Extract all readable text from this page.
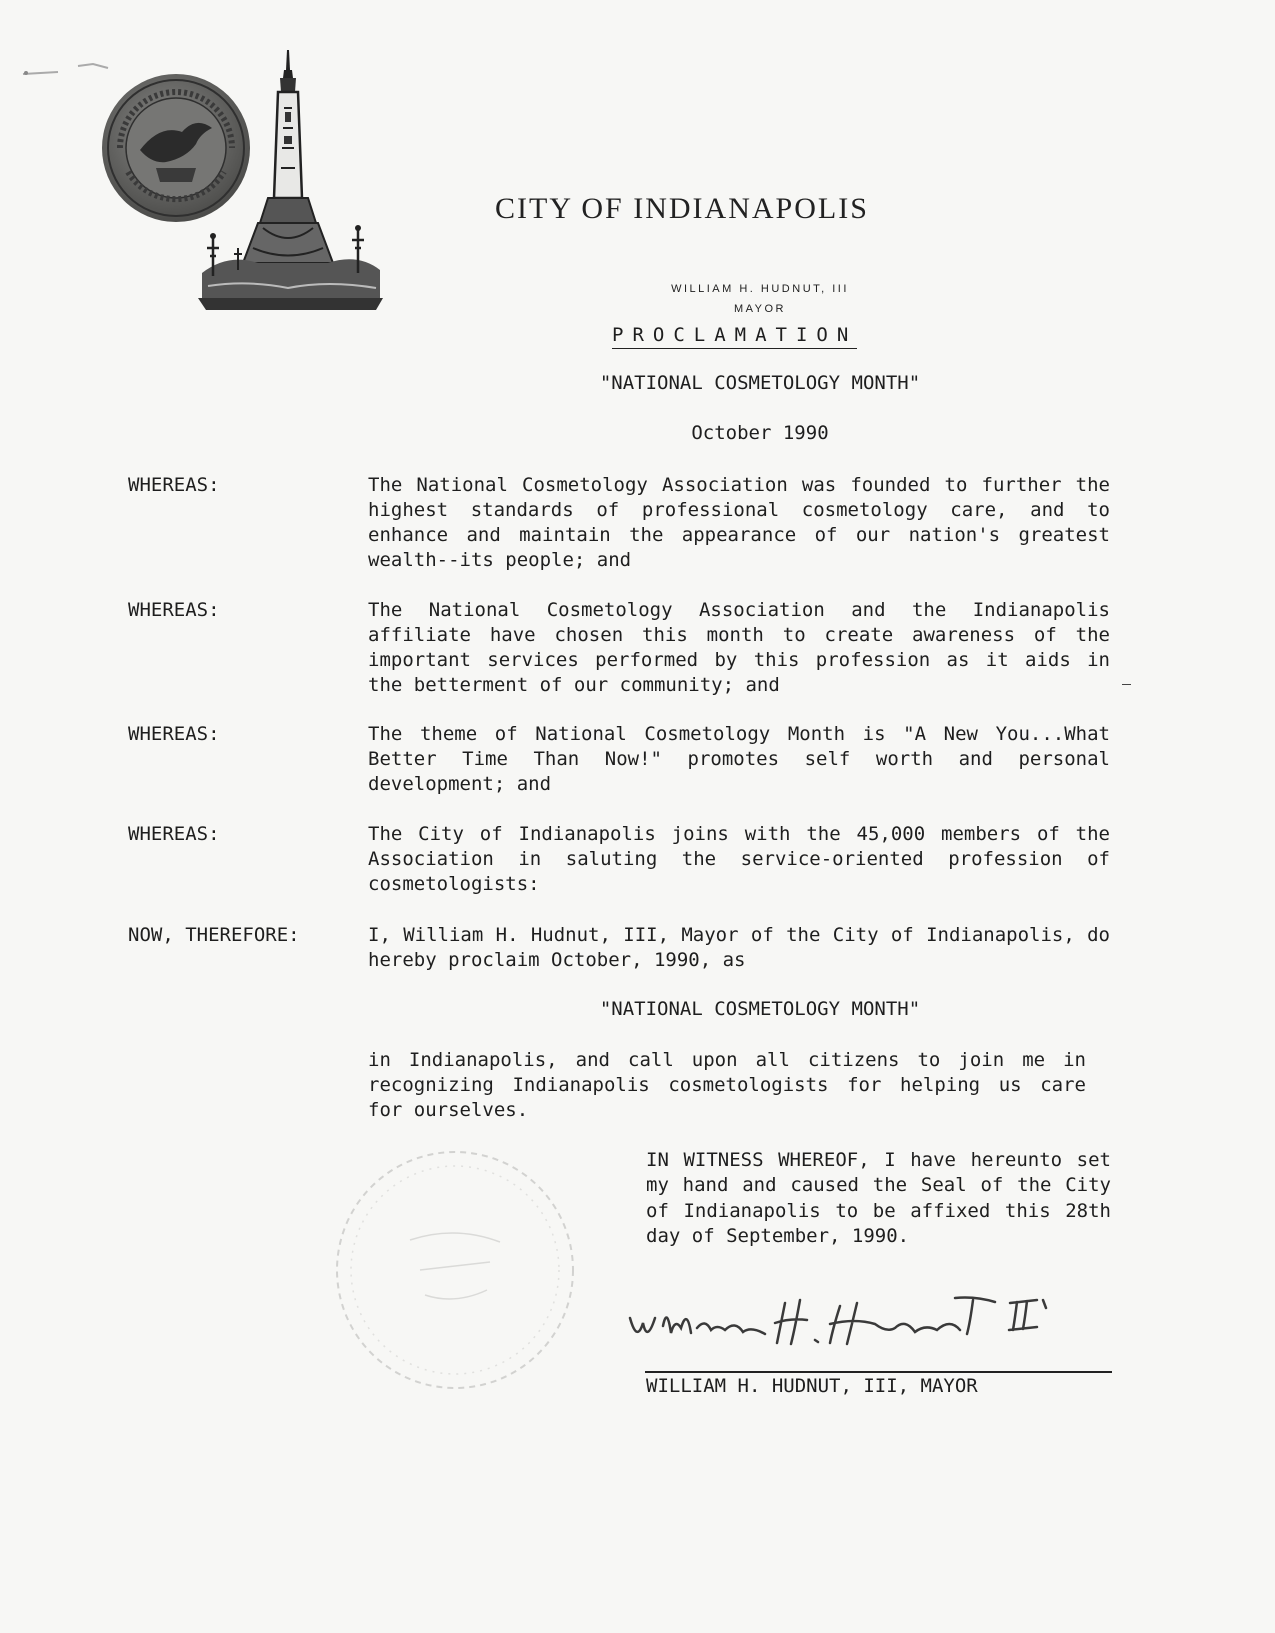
CITY OF INDIANAPOLIS
WILLIAM H. HUDNUT, III
MAYOR
PROCLAMATION
"NATIONAL COSMETOLOGY MONTH"
October 1990
WHEREAS:	The National Cosmetology Association was founded to further the highest standards of professional cosmetology care, and to enhance and maintain the appearance of our nation's greatest wealth--its people; and
WHEREAS:	The National Cosmetology Association and the Indianapolis affiliate have chosen this month to create awareness of the important services performed by this profession as it aids in the betterment of our community; and
WHEREAS:	The theme of National Cosmetology Month is "A New You...What Better Time Than Now!" promotes self worth and personal development; and
WHEREAS:	The City of Indianapolis joins with the 45,000 members of the Association in saluting the service-oriented profession of cosmetologists:
NOW, THEREFORE:	I, William H. Hudnut, III, Mayor of the City of Indianapolis, do hereby proclaim October, 1990, as
"NATIONAL COSMETOLOGY MONTH"
in Indianapolis, and call upon all citizens to join me in recognizing Indianapolis cosmetologists for helping us care for ourselves.
IN WITNESS WHEREOF, I have hereunto set my hand and caused the Seal of the City of Indianapolis to be affixed this 28th day of September, 1990.
William H. Hudnut III
WILLIAM H. HUDNUT, III, MAYOR
